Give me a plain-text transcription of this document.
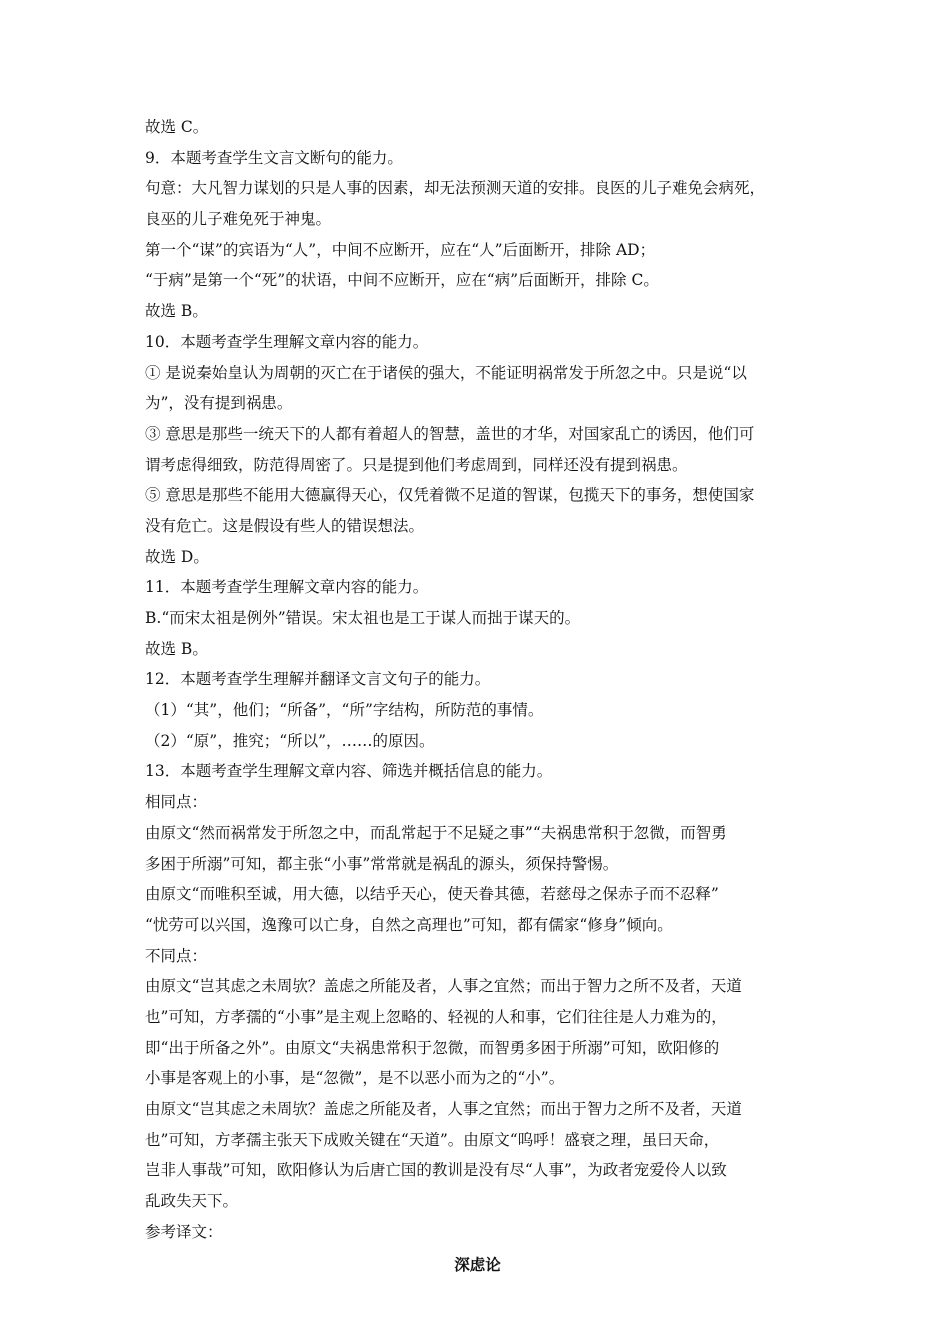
故选 C。
9．本题考查学生文言文断句的能力。
句意：大凡智力谋划的只是人事的因素，却无法预测天道的安排。良医的儿子难免会病死，
良巫的儿子难免死于神鬼。
第一个“谋”的宾语为“人”，中间不应断开，应在“人”后面断开，排除 AD；
“于病”是第一个“死”的状语，中间不应断开，应在“病”后面断开，排除 C。
故选 B。
10．本题考查学生理解文章内容的能力。
① 是说秦始皇认为周朝的灭亡在于诸侯的强大，不能证明祸常发于所忽之中。只是说“以
为”，没有提到祸患。
③ 意思是那些一统天下的人都有着超人的智慧，盖世的才华，对国家乱亡的诱因，他们可
谓考虑得细致，防范得周密了。只是提到他们考虑周到，同样还没有提到祸患。
⑤ 意思是那些不能用大德赢得天心，仅凭着微不足道的智谋，包揽天下的事务，想使国家
没有危亡。这是假设有些人的错误想法。
故选 D。
11．本题考查学生理解文章内容的能力。
B.“而宋太祖是例外”错误。宋太祖也是工于谋人而拙于谋天的。
故选 B。
12．本题考查学生理解并翻译文言文句子的能力。
（1）“其”，他们；“所备”，“所”字结构，所防范的事情。
（2）“原”，推究；“所以”，……的原因。
13．本题考查学生理解文章内容、筛选并概括信息的能力。
相同点：
由原文“然而祸常发于所忽之中，而乱常起于不足疑之事”“夫祸患常积于忽微，而智勇
多困于所溺”可知，都主张“小事”常常就是祸乱的源头，须保持警惕。
由原文“而唯积至诚，用大德，以结乎天心，使天眷其德，若慈母之保赤子而不忍释”
“忧劳可以兴国，逸豫可以亡身，自然之高理也”可知，都有儒家“修身”倾向。
不同点：
由原文“岂其虑之未周欤？盖虑之所能及者，人事之宜然；而出于智力之所不及者，天道
也”可知，方孝孺的“小事”是主观上忽略的、轻视的人和事，它们往往是人力难为的，
即“出于所备之外”。由原文“夫祸患常积于忽微，而智勇多困于所溺”可知，欧阳修的
小事是客观上的小事，是“忽微”，是不以恶小而为之的“小”。
由原文“岂其虑之未周欤？盖虑之所能及者，人事之宜然；而出于智力之所不及者，天道
也”可知，方孝孺主张天下成败关键在“天道”。由原文“呜呼！盛衰之理，虽曰天命，
岂非人事哉”可知，欧阳修认为后唐亡国的教训是没有尽“人事”，为政者宠爱伶人以致
乱政失天下。
参考译文：
深虑论
